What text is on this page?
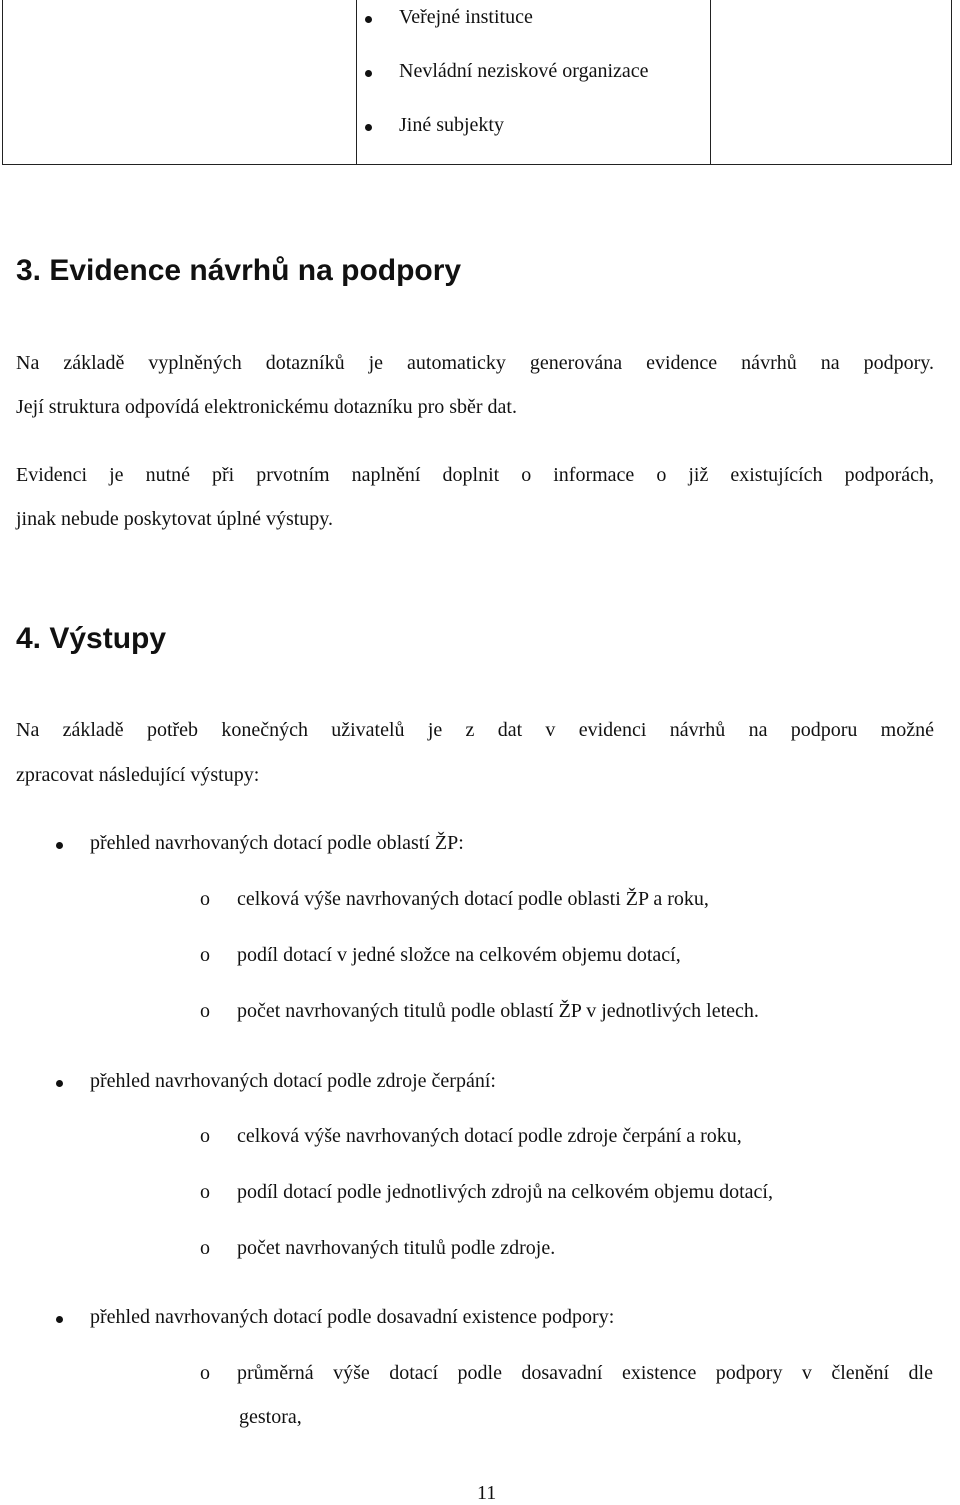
Veřejné instituce
Nevládní neziskové organizace
Jiné subjekty
3. Evidence návrhů na podpory
Na základě vyplněných dotazníků je automaticky generována evidence návrhů na podpory.
Její struktura odpovídá elektronickému dotazníku pro sběr dat.
Evidenci je nutné při prvotním naplnění doplnit o informace o již existujících podporách,
jinak nebude poskytovat úplné výstupy.
4. Výstupy
Na základě potřeb konečných uživatelů je z dat v evidenci návrhů na podporu možné
zpracovat následující výstupy:
přehled navrhovaných dotací podle oblastí ŽP:
o celková výše navrhovaných dotací podle oblasti ŽP a roku,
o podíl dotací v jedné složce na celkovém objemu dotací,
o počet navrhovaných titulů podle oblastí ŽP v jednotlivých letech.
přehled navrhovaných dotací podle zdroje čerpání:
o celková výše navrhovaných dotací podle zdroje čerpání a roku,
o podíl dotací podle jednotlivých zdrojů na celkovém objemu dotací,
o počet navrhovaných titulů podle zdroje.
přehled navrhovaných dotací podle dosavadní existence podpory:
o průměrná výše dotací podle dosavadní existence podpory v členění dle
gestora,
11
